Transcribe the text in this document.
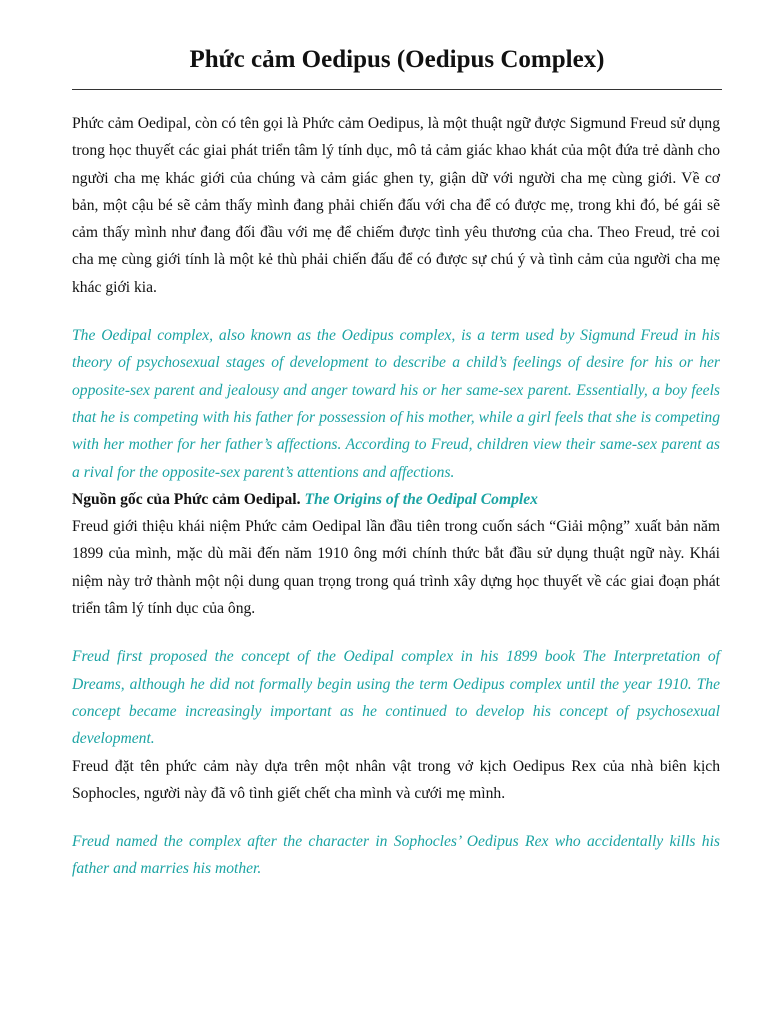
Phức cảm Oedipus (Oedipus Complex)

Phức cảm Oedipal, còn có tên gọi là Phức cảm Oedipus, là một thuật ngữ được Sigmund Freud sử dụng trong học thuyết các giai phát triển tâm lý tính dục, mô tả cảm giác khao khát của một đứa trẻ dành cho người cha mẹ khác giới của chúng và cảm giác ghen ty, giận dữ với người cha mẹ cùng giới. Về cơ bản, một cậu bé sẽ cảm thấy mình đang phải chiến đấu với cha để có được mẹ, trong khi đó, bé gái sẽ cảm thấy mình như đang đối đầu với mẹ để chiếm được tình yêu thương của cha. Theo Freud, trẻ coi cha mẹ cùng giới tính là một kẻ thù phải chiến đấu để có được sự chú ý và tình cảm của người cha mẹ khác giới kia.

The Oedipal complex, also known as the Oedipus complex, is a term used by Sigmund Freud in his theory of psychosexual stages of development to describe a child’s feelings of desire for his or her opposite-sex parent and jealousy and anger toward his or her same-sex parent. Essentially, a boy feels that he is competing with his father for possession of his mother, while a girl feels that she is competing with her mother for her father’s affections. According to Freud, children view their same-sex parent as a rival for the opposite-sex parent’s attentions and affections.

Nguồn gốc của Phức cảm Oedipal. The Origins of the Oedipal Complex

Freud giới thiệu khái niệm Phức cảm Oedipal lần đầu tiên trong cuốn sách “Giải mộng” xuất bản năm 1899 của mình, mặc dù mãi đến năm 1910 ông mới chính thức bắt đầu sử dụng thuật ngữ này. Khái niệm này trở thành một nội dung quan trọng trong quá trình xây dựng học thuyết về các giai đoạn phát triển tâm lý tính dục của ông.

Freud first proposed the concept of the Oedipal complex in his 1899 book The Interpretation of Dreams, although he did not formally begin using the term Oedipus complex until the year 1910. The concept became increasingly important as he continued to develop his concept of psychosexual development.

Freud đặt tên phức cảm này dựa trên một nhân vật trong vở kịch Oedipus Rex của nhà biên kịch Sophocles, người này đã vô tình giết chết cha mình và cưới mẹ mình.

Freud named the complex after the character in Sophocles’ Oedipus Rex who accidentally kills his father and marries his mother.
